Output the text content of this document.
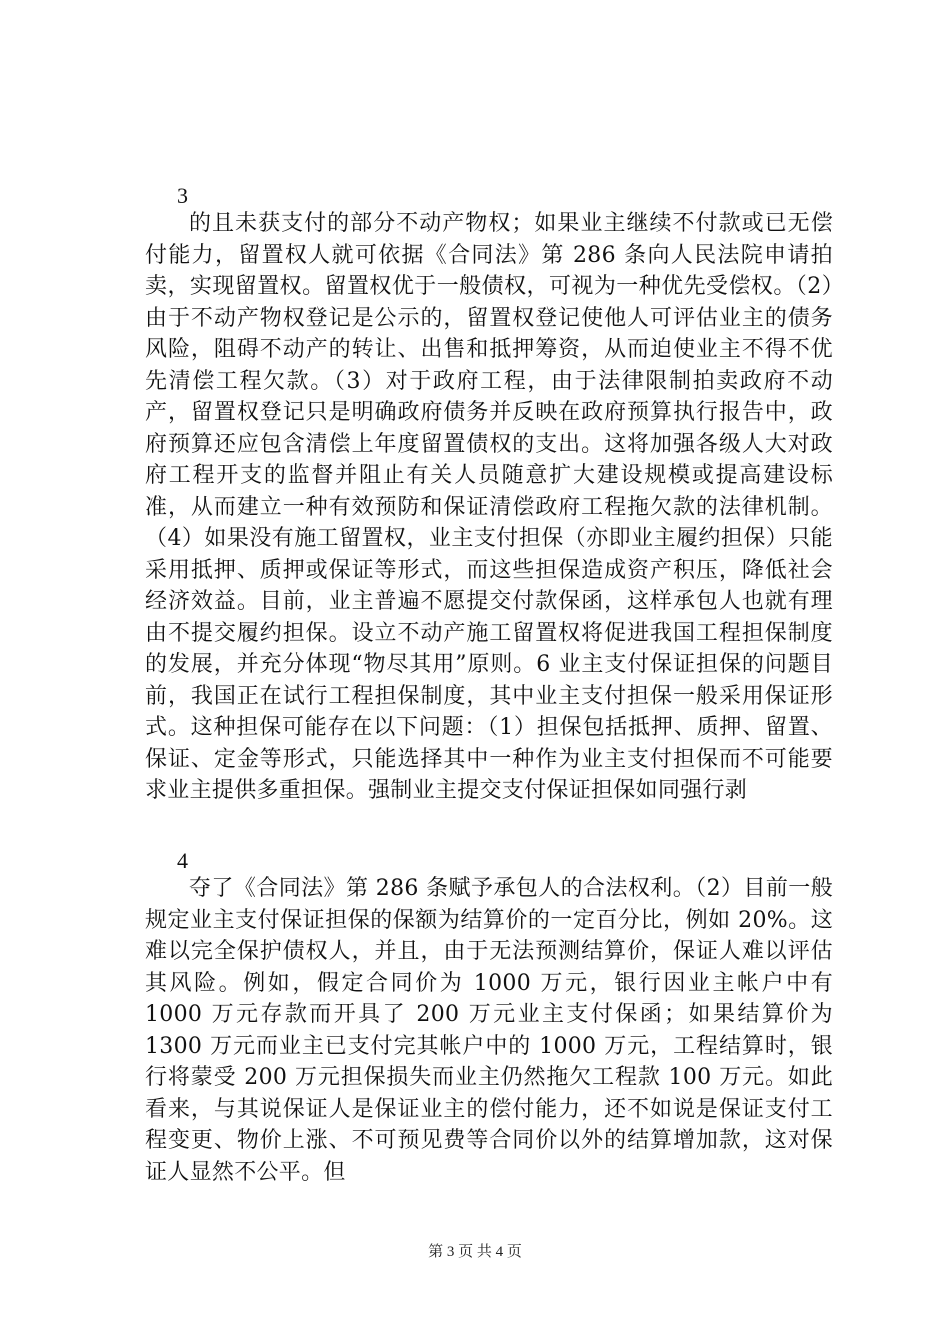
3

的且未获支付的部分不动产物权；如果业主继续不付款或已无偿付能力，留置权人就可依据《合同法》第 286 条向人民法院申请拍卖，实现留置权。留置权优于一般债权，可视为一种优先受偿权。（2）由于不动产物权登记是公示的，留置权登记使他人可评估业主的债务风险，阻碍不动产的转让、出售和抵押筹资，从而迫使业主不得不优先清偿工程欠款。（3）对于政府工程，由于法律限制拍卖政府不动产，留置权登记只是明确政府债务并反映在政府预算执行报告中，政府预算还应包含清偿上年度留置债权的支出。这将加强各级人大对政府工程开支的监督并阻止有关人员随意扩大建设规模或提高建设标准，从而建立一种有效预防和保证清偿政府工程拖欠款的法律机制。（4）如果没有施工留置权，业主支付担保（亦即业主履约担保）只能采用抵押、质押或保证等形式，而这些担保造成资产积压，降低社会经济效益。目前，业主普遍不愿提交付款保函，这样承包人也就有理由不提交履约担保。设立不动产施工留置权将促进我国工程担保制度的发展，并充分体现“物尽其用”原则。6 业主支付保证担保的问题目前，我国正在试行工程担保制度，其中业主支付担保一般采用保证形式。这种担保可能存在以下问题：（1）担保包括抵押、质押、留置、保证、定金等形式，只能选择其中一种作为业主支付担保而不可能要求业主提供多重担保。强制业主提交支付保证担保如同强行剥

4

夺了《合同法》第 286 条赋予承包人的合法权利。（2）目前一般规定业主支付保证担保的保额为结算价的一定百分比，例如 20%。这难以完全保护债权人，并且，由于无法预测结算价，保证人难以评估其风险。例如，假定合同价为 1000 万元，银行因业主帐户中有 1000 万元存款而开具了 200 万元业主支付保函；如果结算价为 1300 万元而业主已支付完其帐户中的 1000 万元，工程结算时，银行将蒙受 200 万元担保损失而业主仍然拖欠工程款 100 万元。如此看来，与其说保证人是保证业主的偿付能力，还不如说是保证支付工程变更、物价上涨、不可预见费等合同价以外的结算增加款，这对保证人显然不公平。但

第 3 页 共 4 页
